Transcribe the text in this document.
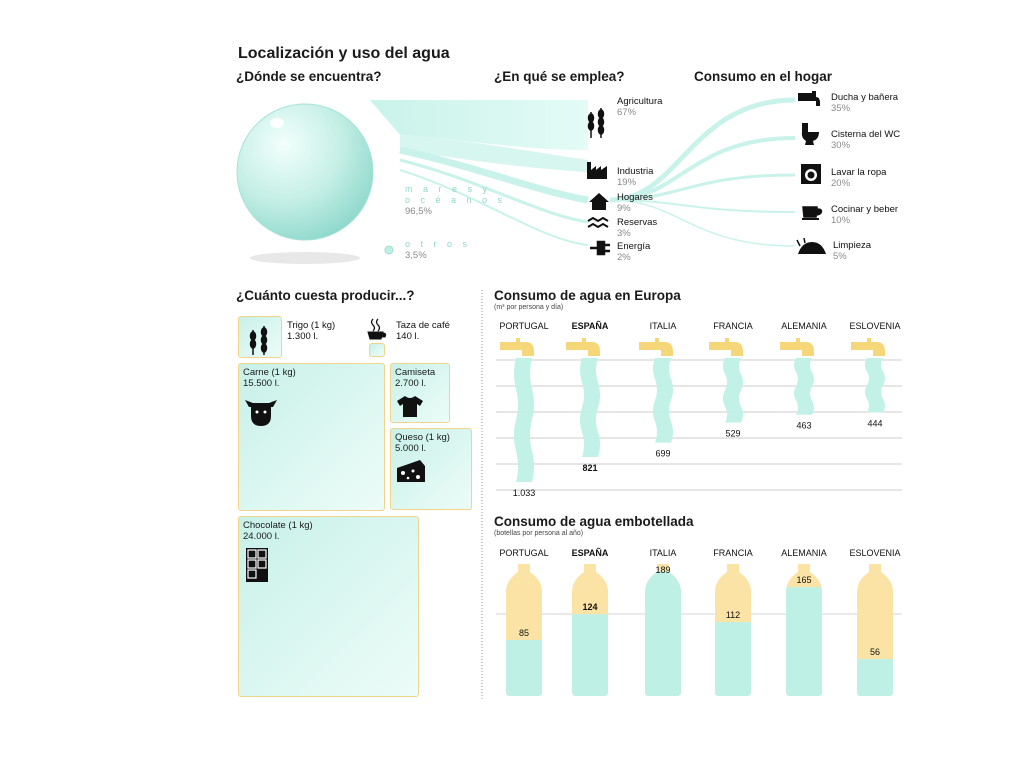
Localización y uso del agua
¿Dónde se encuentra?	¿En qué se emplea?	Consumo en el hogar
m a r e s y
o c é a n o s
96,5%
o t r o s
3,5%
Agricultura
67%
Industria
19%
Hogares
9%
Reservas
3%
Energía
2%
Ducha y bañera
35%
Cisterna del WC
30%
Lavar la ropa
20%
Cocinar y beber
10%
Limpieza
5%
¿Cuánto cuesta producir...?
Trigo (1 kg)
1.300 l.
Taza de café
140 l.
Carne (1 kg)
15.500 l.
Camiseta
2.700 l.
Queso (1 kg)
5.000 l.
Chocolate (1 kg)
24.000 l.
Consumo de agua en Europa
(m³ por persona y día)
1.033
821
699
529
463	444
Consumo de agua embotellada
(botellas por persona al año)
85
124
189
112
165
56
PORTUGAL	ESPAÑA	ITALIA	FRANCIA	ALEMANIA	ESLOVENIA
PORTUGAL	ESPAÑA	ITALIA	FRANCIA	ALEMANIA	ESLOVENIA
